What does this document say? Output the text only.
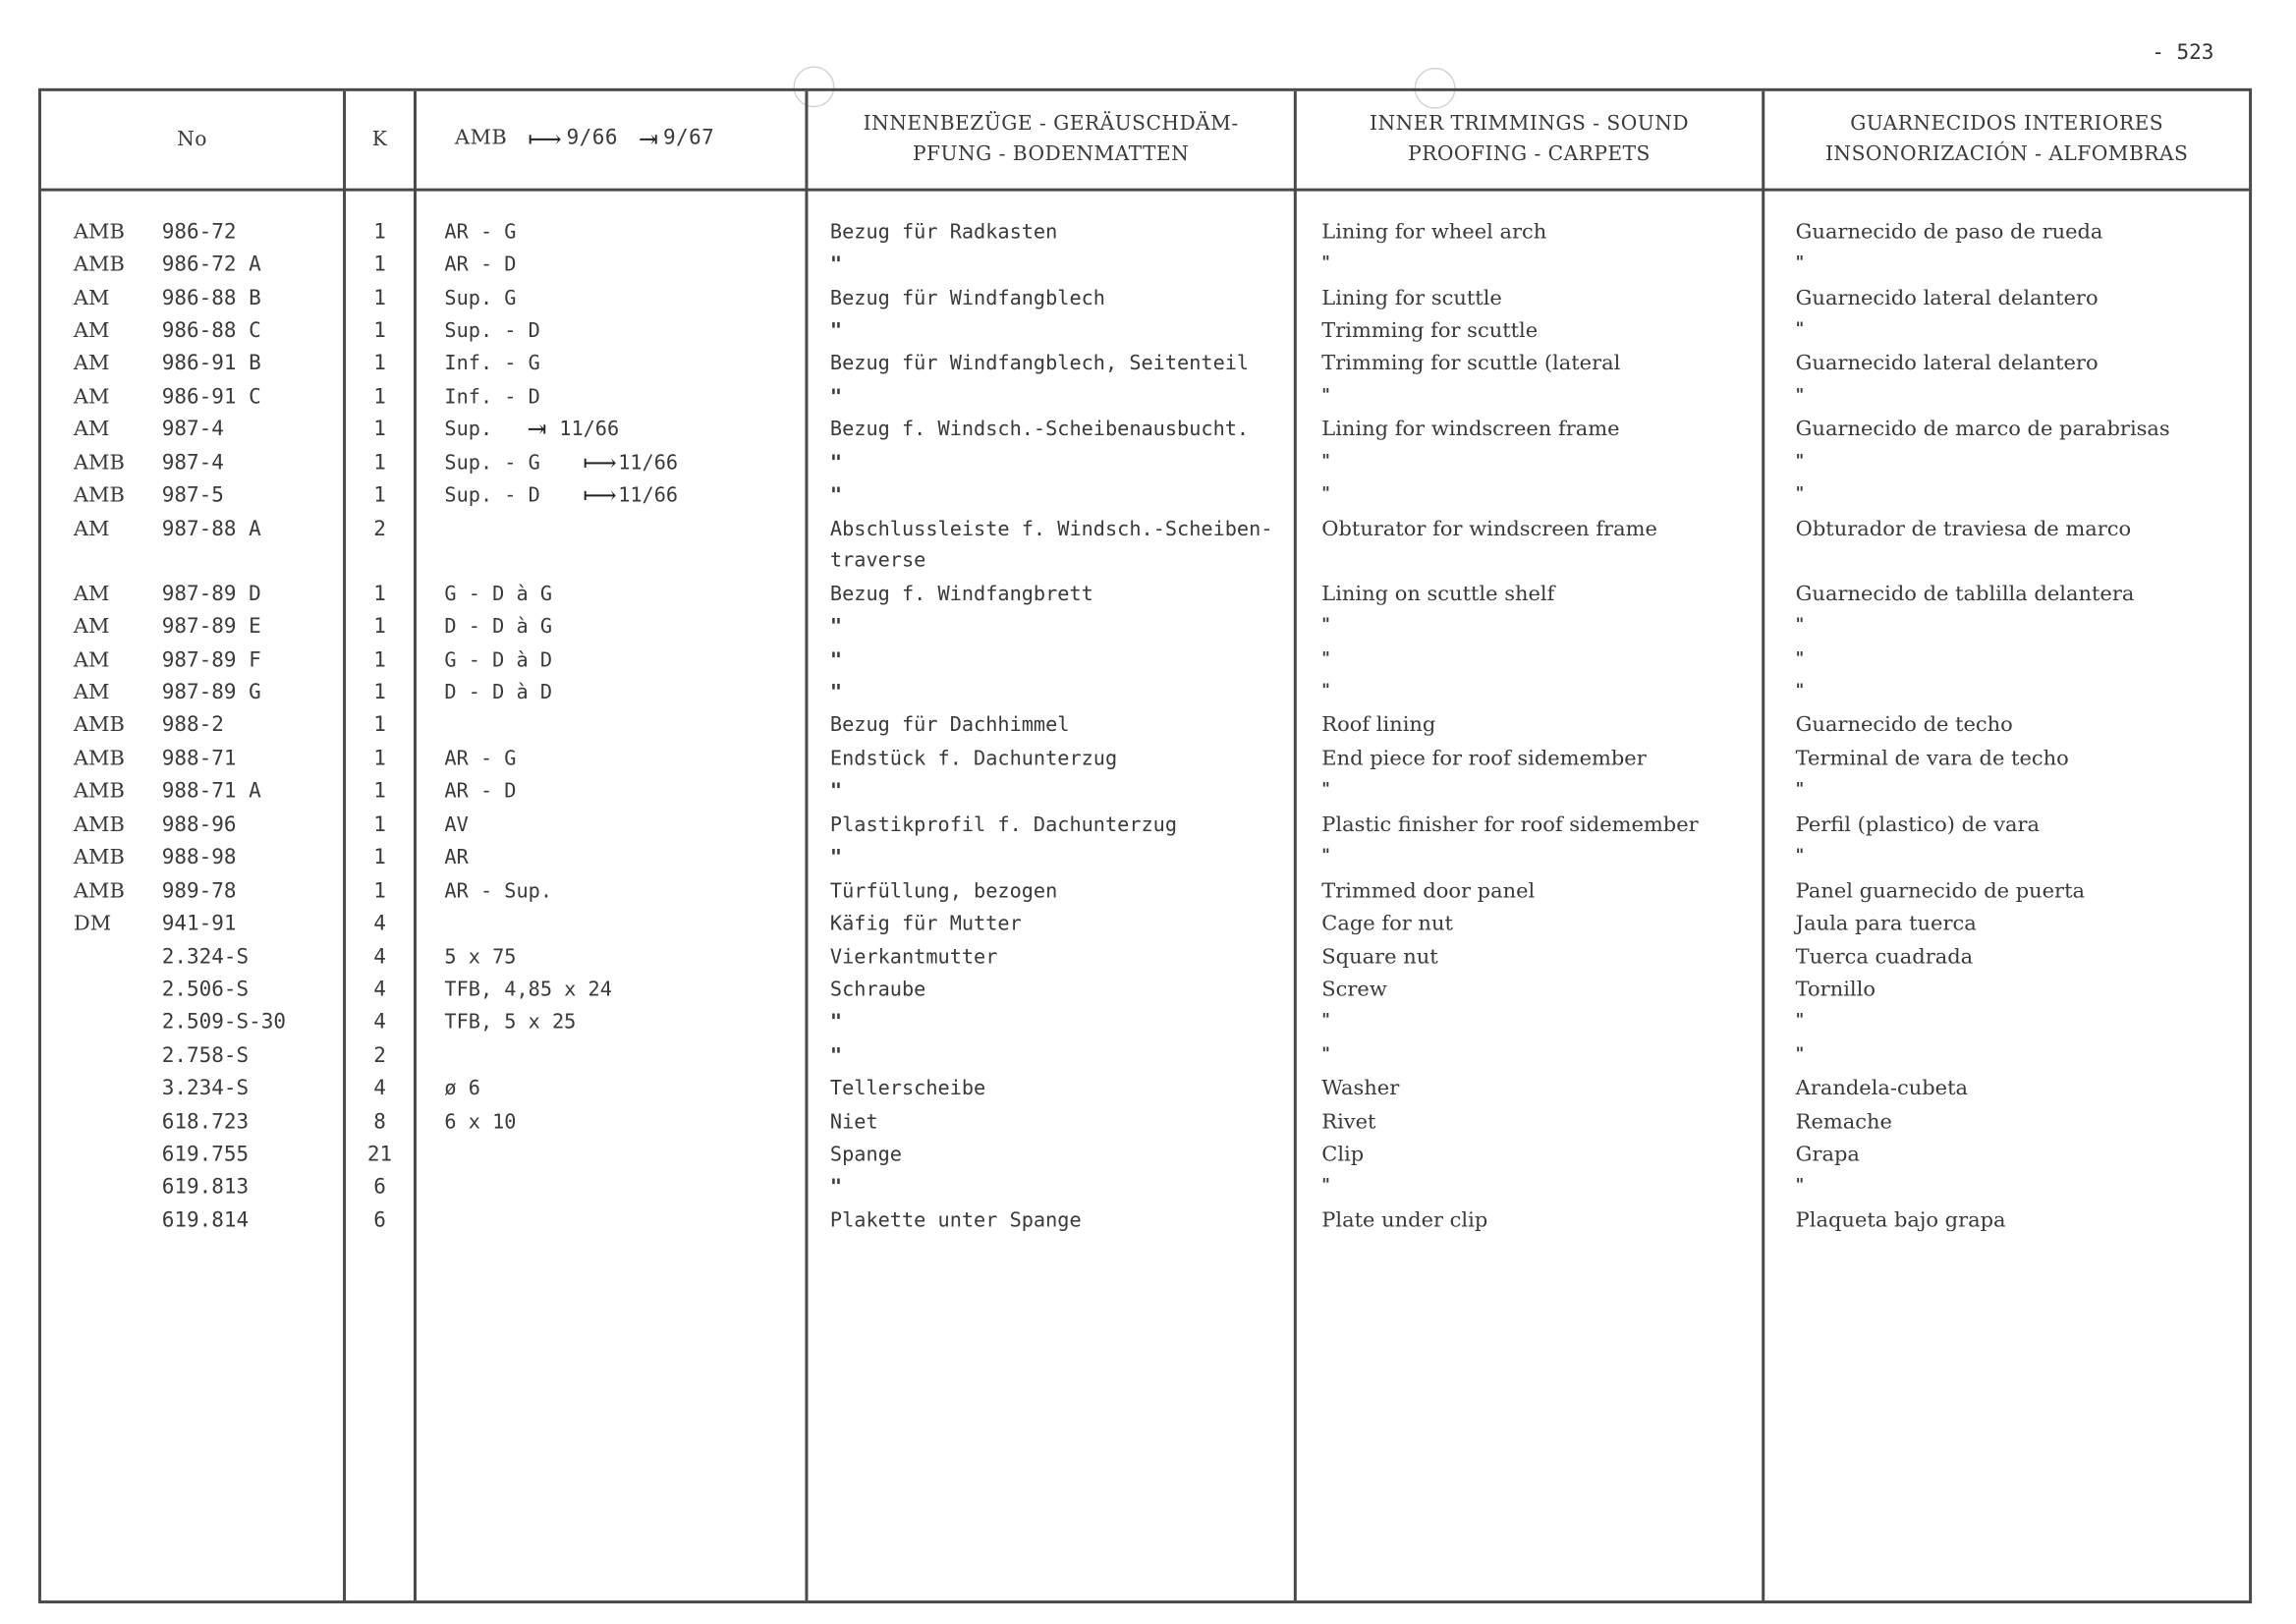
- 523
No	K	AMB ⟼ 9/66 ⇥ 9/67
INNENBEZÜGE - GERÄUSCHDÄM-
PFUNG - BODENMATTEN
INNER TRIMMINGS - SOUND
PROOFING - CARPETS
GUARNECIDOS INTERIORES
INSONORIZACIÓN - ALFOMBRAS
AMB	986-72	1	AR - G	Bezug für Radkasten	Lining for wheel arch	Guarnecido de paso de rueda
AMB	986-72 A	1	AR - D	"	"	"
AM	986-88 B	1	Sup. G	Bezug für Windfangblech	Lining for scuttle	Guarnecido lateral delantero
AM	986-88 C	1	Sup. - D	"	Trimming for scuttle	"
AM	986-91 B	1	Inf. - G	Bezug für Windfangblech, Seitenteil	Trimming for scuttle (lateral	Guarnecido lateral delantero
AM	986-91 C	1	Inf. - D	"	"	"
AM	987-4	1	Sup. ⇥ 11/66	Bezug f. Windsch.-Scheibenausbucht.	Lining for windscreen frame	Guarnecido de marco de parabrisas
AMB	987-4	1	Sup. - G	⟼ 11/66	"	"	"
AMB	987-5	1	Sup. - D	⟼ 11/66	"	"	"
AM	987-88 A	2	Abschlussleiste f. Windsch.-Scheiben-
traverse
Obturator for windscreen frame	Obturador de traviesa de marco
AM	987-89 D	1	G - D à G	Bezug f. Windfangbrett	Lining on scuttle shelf	Guarnecido de tablilla delantera
AM	987-89 E	1	D - D à G	"	"	"
AM	987-89 F	1	G - D à D	"	"	"
AM	987-89 G	1	D - D à D	"	"	"
AMB	988-2	1	Bezug für Dachhimmel	Roof lining	Guarnecido de techo
AMB	988-71	1	AR - G	Endstück f. Dachunterzug	End piece for roof sidemember	Terminal de vara de techo
AMB	988-71 A	1	AR - D	"	"	"
AMB	988-96	1	AV	Plastikprofil f. Dachunterzug	Plastic finisher for roof sidemember	Perfil (plastico) de vara
AMB	988-98	1	AR	"	"	"
AMB	989-78	1	AR - Sup.	Türfüllung, bezogen	Trimmed door panel	Panel guarnecido de puerta
DM	941-91	4	Käfig für Mutter	Cage for nut	Jaula para tuerca
2.324-S	4	5 x 75	Vierkantmutter	Square nut	Tuerca cuadrada
2.506-S	4	TFB, 4,85 x 24	Schraube	Screw	Tornillo
2.509-S-30	4	TFB, 5 x 25	"	"	"
2.758-S	2	"	"	"
3.234-S	4	ø 6	Tellerscheibe	Washer	Arandela-cubeta
618.723	8	6 x 10	Niet	Rivet	Remache
619.755	21	Spange	Clip	Grapa
619.813	6	"	"	"
619.814	6	Plakette unter Spange	Plate under clip	Plaqueta bajo grapa
